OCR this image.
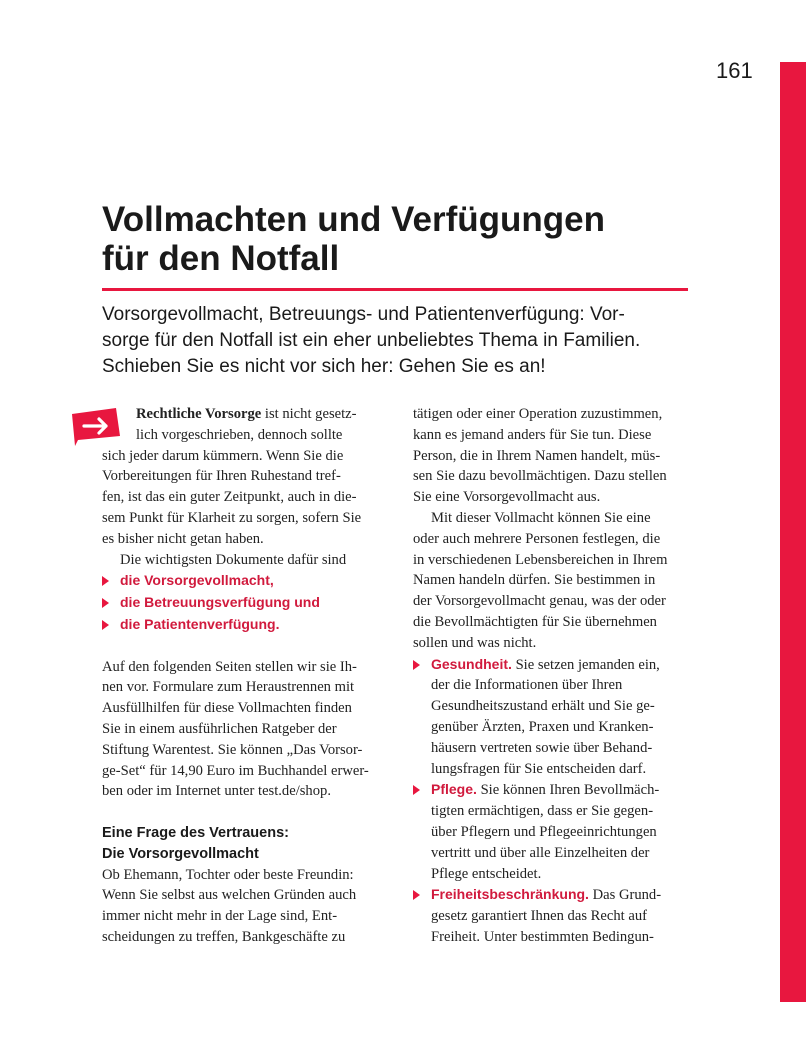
161
Vollmachten und Verfügungen
für den Notfall

Vorsorgevollmacht, Betreuungs- und Patientenverfügung: Vor-
sorge für den Notfall ist ein eher unbeliebtes Thema in Familien.
Schieben Sie es nicht vor sich her: Gehen Sie es an!

Rechtliche Vorsorge ist nicht gesetz-

lich vorgeschrieben, dennoch sollte

sich jeder darum kümmern. Wenn Sie die

Vorbereitungen für Ihren Ruhestand tref-

fen, ist das ein guter Zeitpunkt, auch in die-

sem Punkt für Klarheit zu sorgen, sofern Sie

es bisher nicht getan haben.

Die wichtigsten Dokumente dafür sind

die Vorsorgevollmacht,
die Betreuungsverfügung und
die Patientenverfügung.

Auf den folgenden Seiten stellen wir sie Ih-

nen vor. Formulare zum Heraustrennen mit

Ausfüllhilfen für diese Vollmachten finden

Sie in einem ausführlichen Ratgeber der

Stiftung Warentest. Sie können „Das Vorsor-

ge-Set“ für 14,90 Euro im Buchhandel erwer-

ben oder im Internet unter test.de/shop.

Eine Frage des Vertrauens:
Die Vorsorgevollmacht

Ob Ehemann, Tochter oder beste Freundin:

Wenn Sie selbst aus welchen Gründen auch

immer nicht mehr in der Lage sind, Ent-

scheidungen zu treffen, Bankgeschäfte zu

tätigen oder einer Operation zuzustimmen,

kann es jemand anders für Sie tun. Diese

Person, die in Ihrem Namen handelt, müs-

sen Sie dazu bevollmächtigen. Dazu stellen

Sie eine Vorsorgevollmacht aus.

Mit dieser Vollmacht können Sie eine

oder auch mehrere Personen festlegen, die

in verschiedenen Lebensbereichen in Ihrem

Namen handeln dürfen. Sie bestimmen in

der Vorsorgevollmacht genau, was der oder

die Bevollmächtigten für Sie übernehmen

sollen und was nicht.

Gesundheit. Sie setzen jemanden ein,
der die Informationen über Ihren
Gesundheitszustand erhält und Sie ge-
genüber Ärzten, Praxen und Kranken-
häusern vertreten sowie über Behand-
lungsfragen für Sie entscheiden darf.
Pflege. Sie können Ihren Bevollmäch-
tigten ermächtigen, dass er Sie gegen-
über Pflegern und Pflegeeinrichtungen
vertritt und über alle Einzelheiten der
Pflege entscheidet.
Freiheitsbeschränkung. Das Grund-
gesetz garantiert Ihnen das Recht auf
Freiheit. Unter bestimmten Bedingun-
